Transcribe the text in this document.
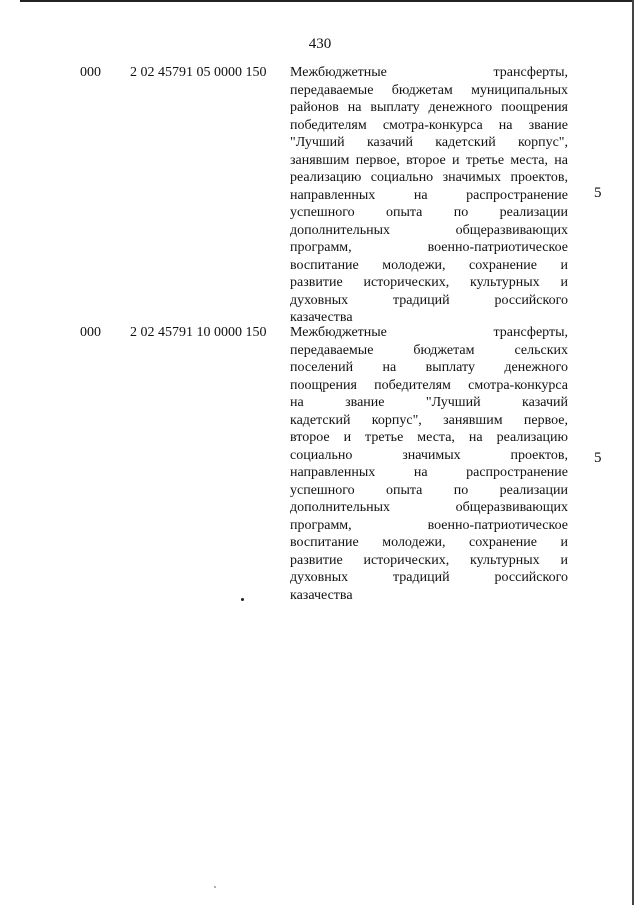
430
000 2 02 45791 05 0000 150 Межбюджетные трансферты,
передаваемые бюджетам муниципальных
районов на выплату денежного поощрения
победителям смотра-конкурса на звание
"Лучший казачий кадетский корпус",
занявшим первое, второе и третье места, на
реализацию социально значимых проектов,
направленных на распространение
успешного опыта по реализации
дополнительных общеразвивающих
программ, военно-патриотическое
воспитание молодежи, сохранение и
развитие исторических, культурных и
духовных традиций российского
казачества
5
000 2 02 45791 10 0000 150 Межбюджетные трансферты,
передаваемые бюджетам сельских
поселений на выплату денежного
поощрения победителям смотра-конкурса
на звание "Лучший казачий
кадетский корпус", занявшим первое,
второе и третье места, на реализацию
социально значимых проектов,
направленных на распространение
успешного опыта по реализации
дополнительных общеразвивающих
программ, военно-патриотическое
воспитание молодежи, сохранение и
развитие исторических, культурных и
духовных традиций российского
казачества
5
